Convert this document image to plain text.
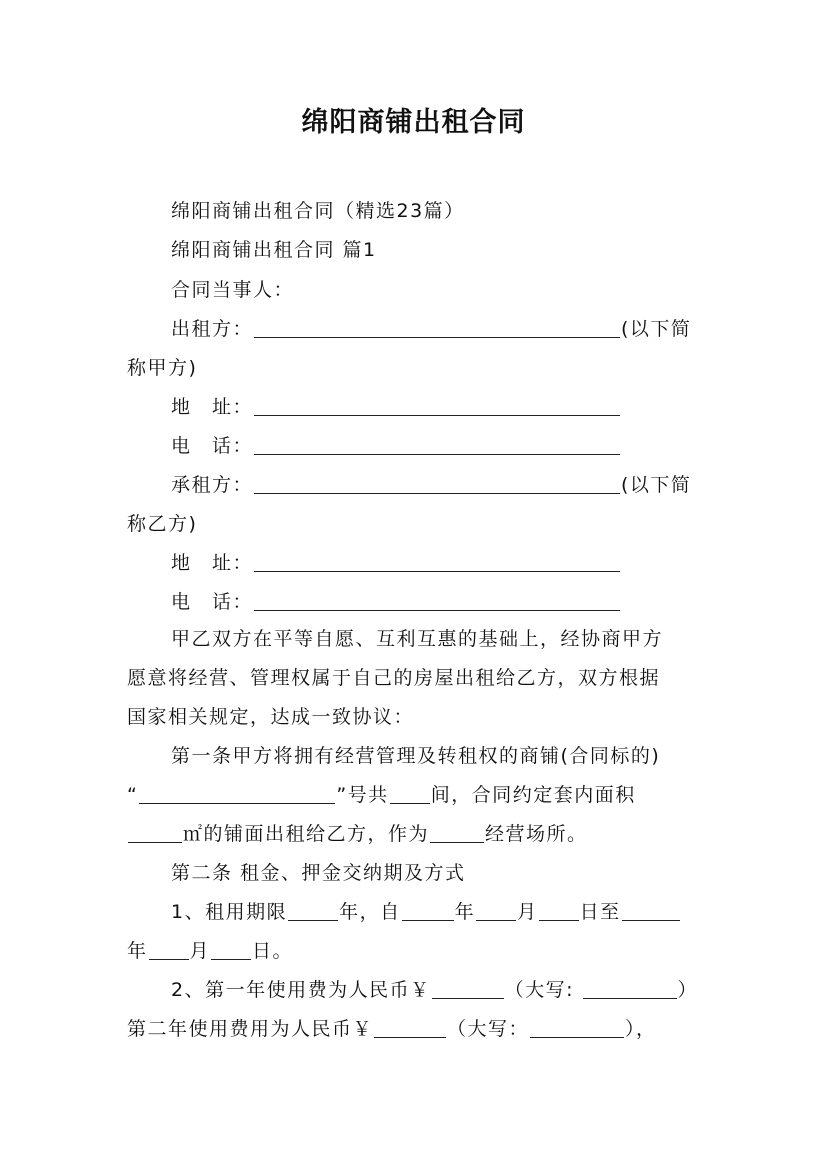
绵阳商铺出租合同
绵阳商铺出租合同（精选23篇）
绵阳商铺出租合同 篇1
合同当事人：
出租方：	(以下简
称甲方)
地　址：
电　话：
承租方：	(以下简
称乙方)
地　址：
电　话：
甲乙双方在平等自愿、互利互惠的基础上，经协商甲方
愿意将经营、管理权属于自己的房屋出租给乙方，双方根据
国家相关规定，达成一致协议：
第一条甲方将拥有经营管理及转租权的商铺(合同标的)
“	”号共 间，合同约定套内面积
㎡的铺面出租给乙方，作为	经营场所。
第二条 租金、押金交纳期及方式
1、租用期限	年，自	年 月 日至
年 月 日。
2、第一年使用费为人民币￥	（大写:	）
第二年使用费用为人民币￥	（大写：	），
